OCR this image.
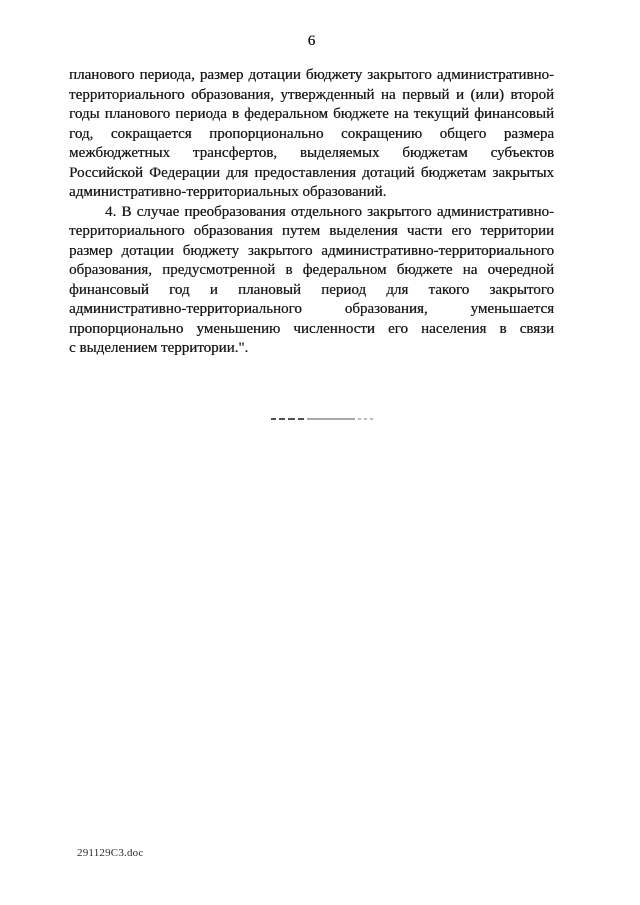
6
планового периода, размер дотации бюджету закрытого административно-
территориального образования, утвержденный на первый и (или) второй
годы планового периода в федеральном бюджете на текущий финансовый
год, сокращается пропорционально сокращению общего размера
межбюджетных трансфертов, выделяемых бюджетам субъектов
Российской Федерации для предоставления дотаций бюджетам закрытых
административно-территориальных образований.
4. В случае преобразования отдельного закрытого административно-
территориального образования путем выделения части его территории
размер дотации бюджету закрытого административно-территориального
образования, предусмотренной в федеральном бюджете на очередной
финансовый год и плановый период для такого закрытого
административно-территориального образования, уменьшается
пропорционально уменьшению численности его населения в связи
с выделением территории.".
291129C3.doc
